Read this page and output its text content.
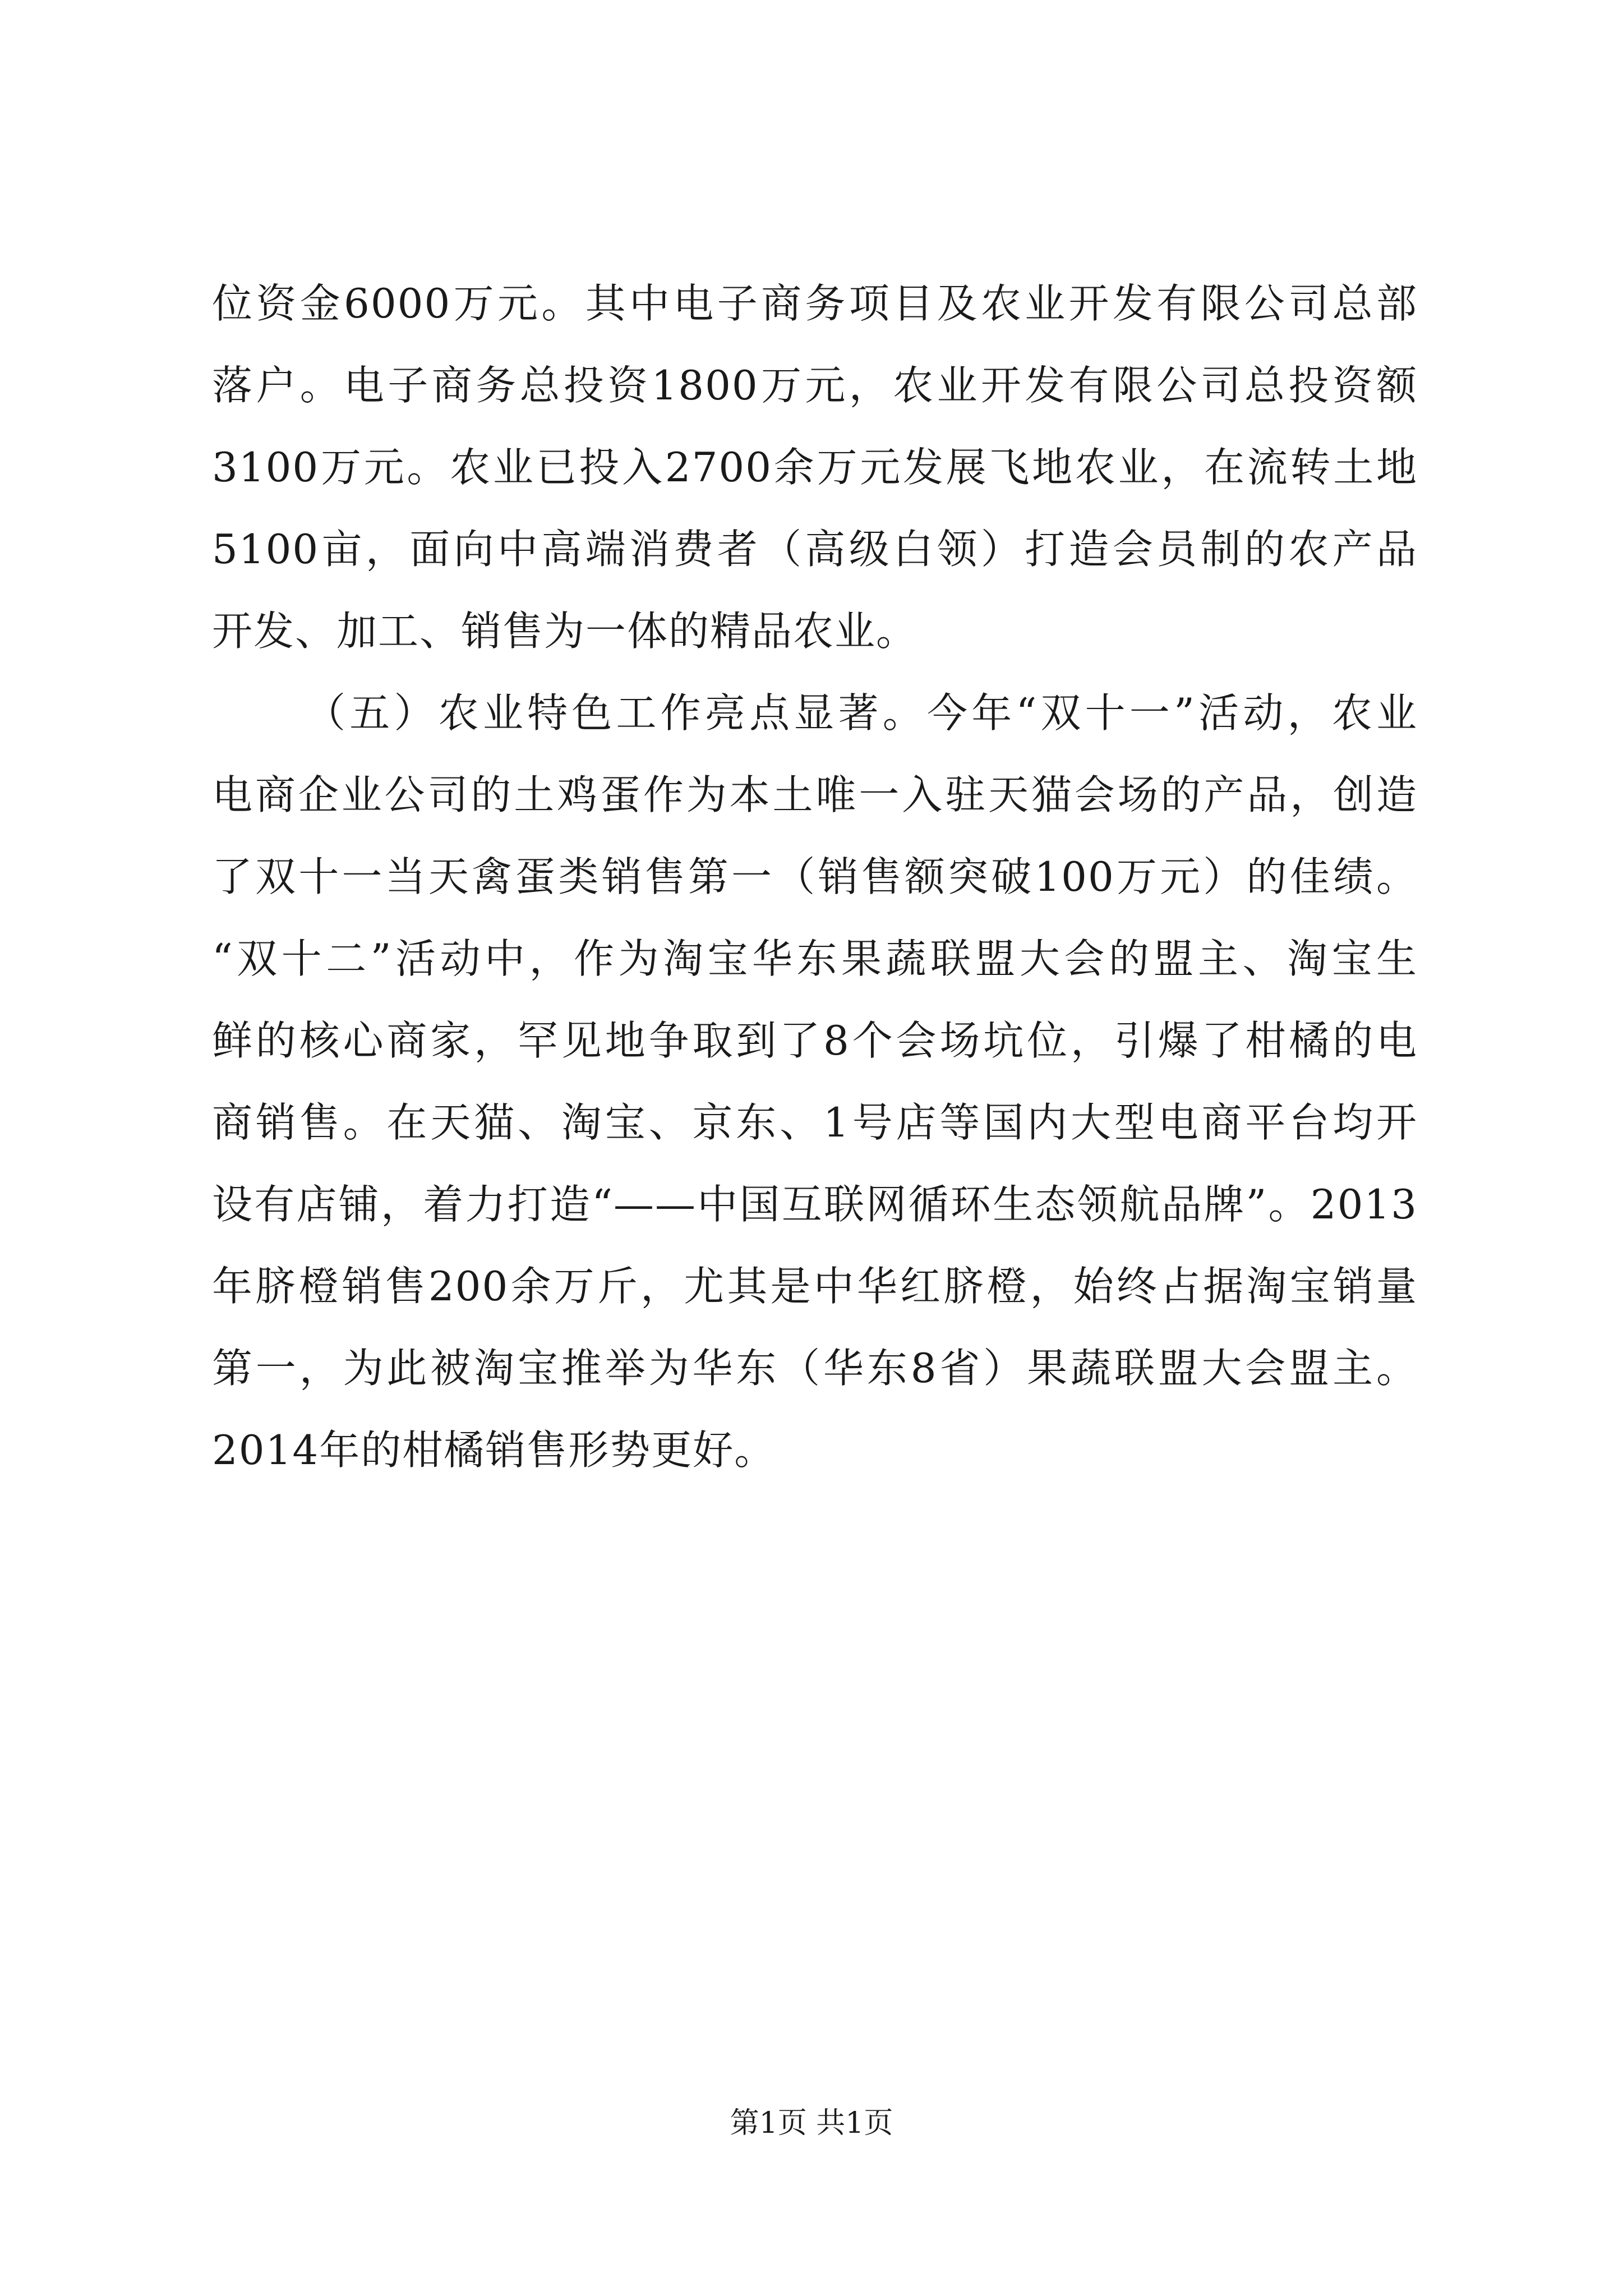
位资金6000万元。其中电子商务项目及农业开发有限公司总部
落户。电子商务总投资1800万元，农业开发有限公司总投资额
3100万元。农业已投入2700余万元发展飞地农业，在流转土地
5100亩，面向中高端消费者（高级白领）打造会员制的农产品
开发、加工、销售为一体的精品农业。
（五）农业特色工作亮点显著。今年“双十一”活动，农业
电商企业公司的土鸡蛋作为本土唯一入驻天猫会场的产品，创造
了双十一当天禽蛋类销售第一（销售额突破100万元）的佳绩。
“双十二”活动中，作为淘宝华东果蔬联盟大会的盟主、淘宝生
鲜的核心商家，罕见地争取到了8个会场坑位，引爆了柑橘的电
商销售。在天猫、淘宝、京东、1号店等国内大型电商平台均开
设有店铺，着力打造“——中国互联网循环生态领航品牌”。2013
年脐橙销售200余万斤，尤其是中华红脐橙，始终占据淘宝销量
第一，为此被淘宝推举为华东（华东8省）果蔬联盟大会盟主。
2014年的柑橘销售形势更好。
第1页 共1页
